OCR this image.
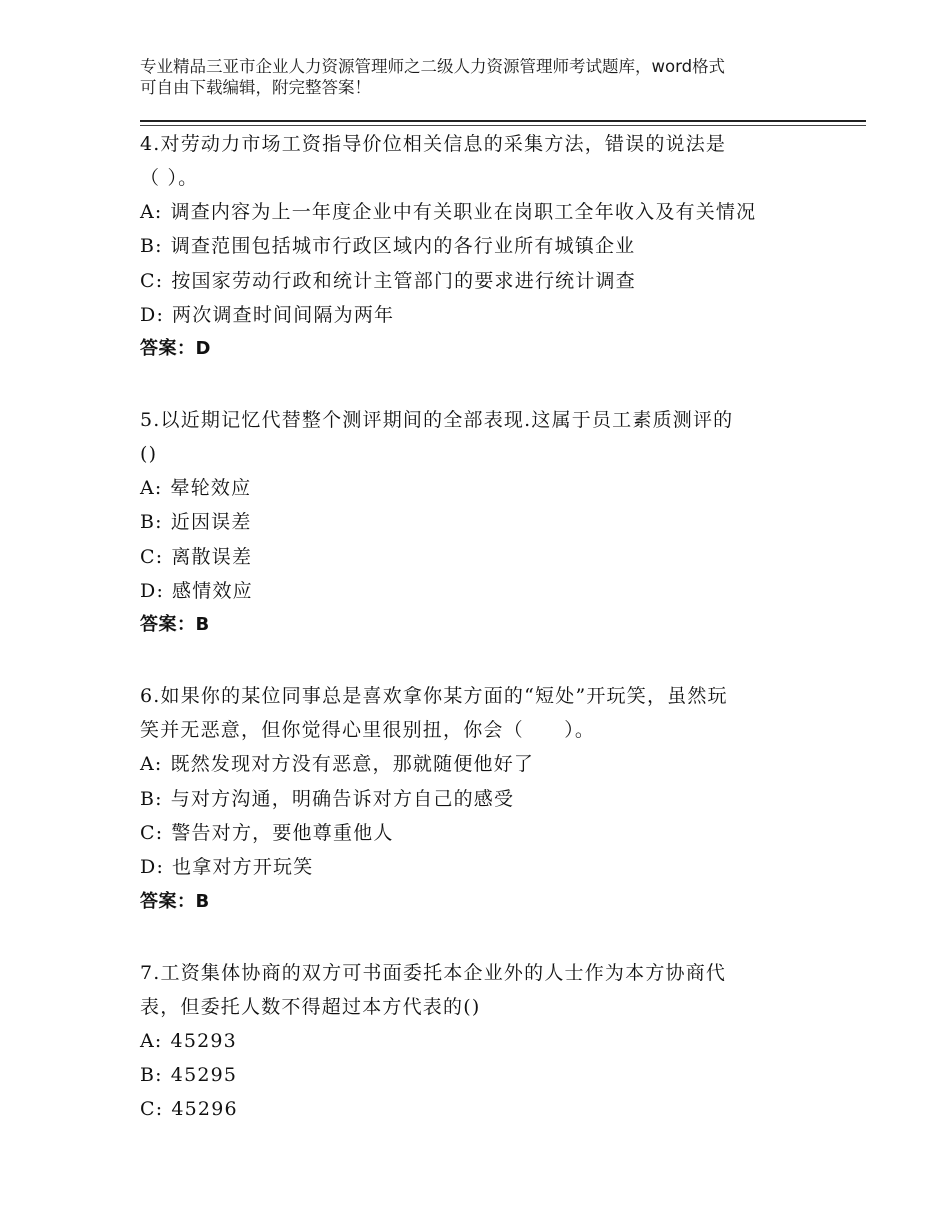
专业精品三亚市企业人力资源管理师之二级人力资源管理师考试题库，word格式
可自由下载编辑，附完整答案！

4.对劳动力市场工资指导价位相关信息的采集方法，错误的说法是

（ ）。

A: 调查内容为上一年度企业中有关职业在岗职工全年收入及有关情况

B: 调查范围包括城市行政区域内的各行业所有城镇企业

C: 按国家劳动行政和统计主管部门的要求进行统计调查

D: 两次调查时间间隔为两年

答案：D

5.以近期记忆代替整个测评期间的全部表现.这属于员工素质测评的

()

A: 晕轮效应

B: 近因误差

C: 离散误差

D: 感情效应

答案：B

6.如果你的某位同事总是喜欢拿你某方面的“短处”开玩笑，虽然玩

笑并无恶意，但你觉得心里很别扭，你会（　　）。

A: 既然发现对方没有恶意，那就随便他好了

B: 与对方沟通，明确告诉对方自己的感受

C: 警告对方，要他尊重他人

D: 也拿对方开玩笑

答案：B

7.工资集体协商的双方可书面委托本企业外的人士作为本方协商代

表，但委托人数不得超过本方代表的()

A: 45293

B: 45295

C: 45296
